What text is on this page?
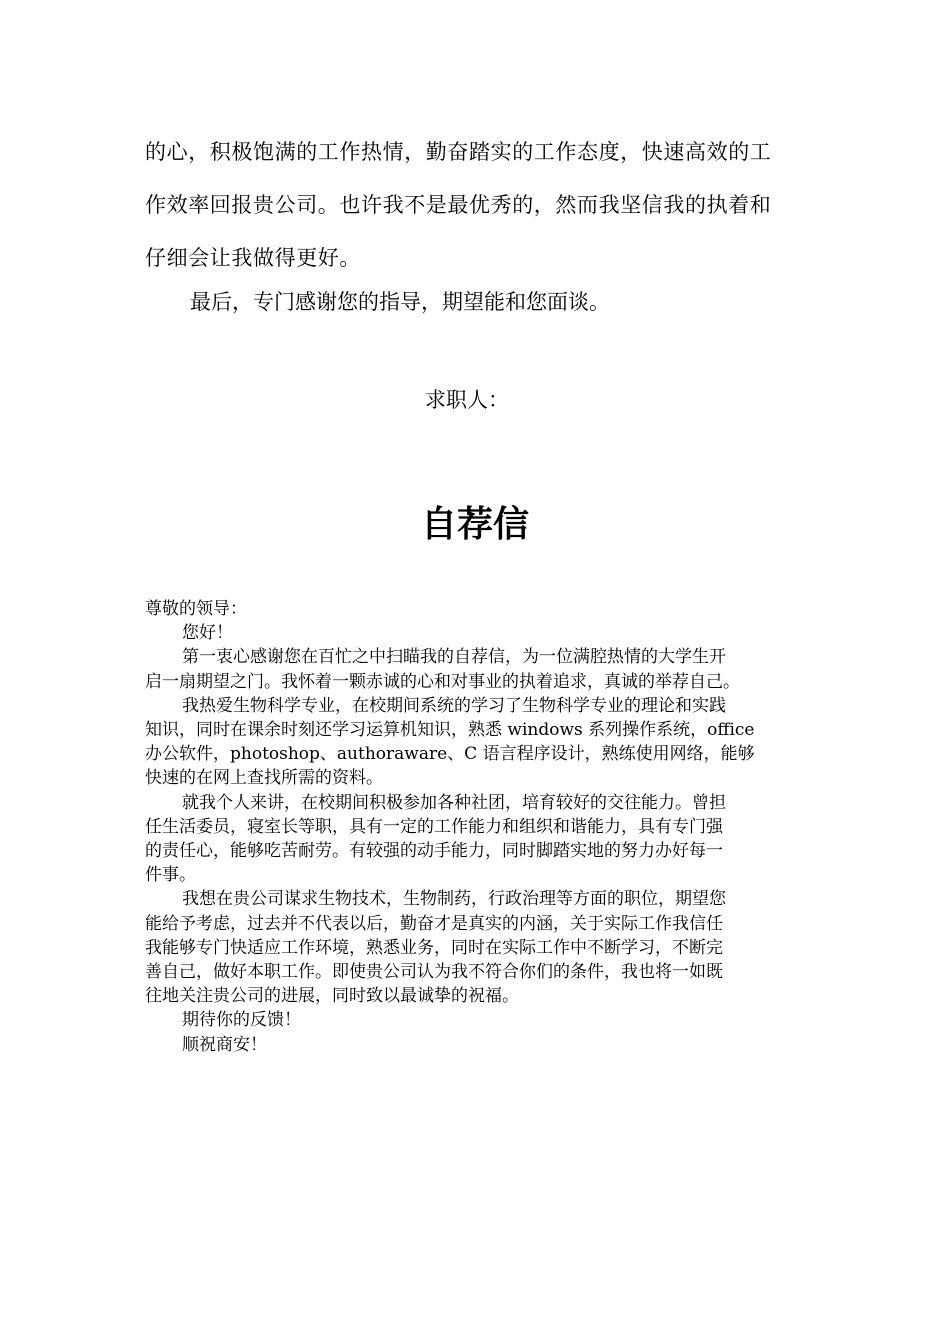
的心，积极饱满的工作热情，勤奋踏实的工作态度，快速高效的工
作效率回报贵公司。也许我不是最优秀的，然而我坚信我的执着和
仔细会让我做得更好。

最后，专门感谢您的指导，期望能和您面谈。

求职人：

自荐信
尊敬的领导：
您好！
第一衷心感谢您在百忙之中扫瞄我的自荐信，为一位满腔热情的大学生开
启一扇期望之门。我怀着一颗赤诚的心和对事业的执着追求，真诚的举荐自己。
我热爱生物科学专业，在校期间系统的学习了生物科学专业的理论和实践
知识，同时在课余时刻还学习运算机知识，熟悉 windows 系列操作系统，office
办公软件，photoshop、authoraware、C 语言程序设计，熟练使用网络，能够
快速的在网上查找所需的资料。
就我个人来讲，在校期间积极参加各种社团，培育较好的交往能力。曾担
任生活委员，寝室长等职，具有一定的工作能力和组织和谐能力，具有专门强
的责任心，能够吃苦耐劳。有较强的动手能力，同时脚踏实地的努力办好每一
件事。
我想在贵公司谋求生物技术，生物制药，行政治理等方面的职位，期望您
能给予考虑，过去并不代表以后，勤奋才是真实的内涵，关于实际工作我信任
我能够专门快适应工作环境，熟悉业务，同时在实际工作中不断学习，不断完
善自己，做好本职工作。即使贵公司认为我不符合你们的条件，我也将一如既
往地关注贵公司的进展，同时致以最诚挚的祝福。
期待你的反馈！
顺祝商安！
